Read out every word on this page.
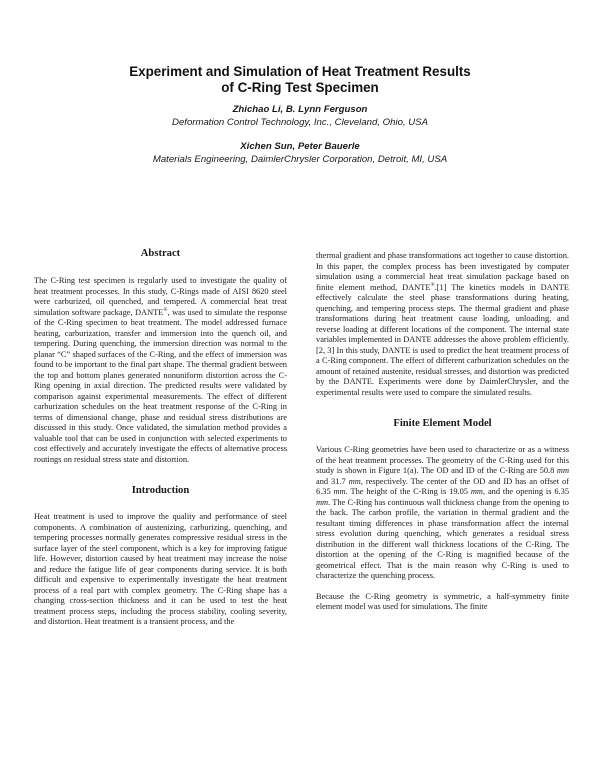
Experiment and Simulation of Heat Treatment Results
of C-Ring Test Specimen
Zhichao Li, B. Lynn Ferguson
Deformation Control Technology, Inc., Cleveland, Ohio, USA
Xichen Sun, Peter Bauerle
Materials Engineering, DaimlerChrysler Corporation, Detroit, MI, USA
Abstract

The C-Ring test specimen is regularly used to investigate the quality of heat treatment processes. In this study, C-Rings made of AISI 8620 steel were carburized, oil quenched, and tempered. A commercial heat treat simulation software package, DANTE®, was used to simulate the response of the C-Ring specimen to heat treatment. The model addressed furnace heating, carburization, transfer and immersion into the quench oil, and tempering. During quenching, the immersion direction was normal to the planar “C” shaped surfaces of the C-Ring, and the effect of immersion was found to be important to the final part shape. The thermal gradient between the top and bottom planes generated nonuniform distortion across the C-Ring opening in axial direction. The predicted results were validated by comparison against experimental measurements. The effect of different carburization schedules on the heat treatment response of the C-Ring in terms of dimensional change, phase and residual stress distributions are discussed in this study. Once validated, the simulation method provides a valuable tool that can be used in conjunction with selected experiments to cost effectively and accurately investigate the effects of alternative process routings on residual stress state and distortion.

Introduction

Heat treatment is used to improve the quality and performance of steel components. A combination of austenizing, carburizing, quenching, and tempering processes normally generates compressive residual stress in the surface layer of the steel component, which is a key for improving fatigue life. However, distortion caused by heat treatment may increase the noise and reduce the fatigue life of gear components during service. It is both difficult and expensive to experimentally investigate the heat treatment process of a real part with complex geometry. The C-Ring shape has a changing cross-section thickness and it can be used to test the heat treatment process steps, including the process stability, cooling severity, and distortion. Heat treatment is a transient process, and the

thermal gradient and phase transformations act together to cause distortion. In this paper, the complex process has been investigated by computer simulation using a commercial heat treat simulation package based on finite element method, DANTE®.[1] The kinetics models in DANTE effectively calculate the steel phase transformations during heating, quenching, and tempering process steps. The thermal gradient and phase transformations during heat treatment cause loading, unloading, and reverse loading at different locations of the component. The internal state variables implemented in DANTE addresses the above problem efficiently.[2, 3] In this study, DANTE is used to predict the heat treatment process of a C-Ring component. The effect of different carburization schedules on the amount of retained austenite, residual stresses, and distortion was predicted by the DANTE. Experiments were done by DaimlerChrysler, and the experimental results were used to compare the simulated results.

Finite Element Model

Various C-Ring geometries have been used to characterize or as a witness of the heat treatment processes. The geometry of the C-Ring used for this study is shown in Figure 1(a). The OD and ID of the C-Ring are 50.8 mm and 31.7 mm, respectively. The center of the OD and ID has an offset of 6.35 mm. The height of the C-Ring is 19.05 mm, and the opening is 6.35 mm. The C-Ring has continuous wall thickness change from the opening to the back. The carbon profile, the variation in thermal gradient and the resultant timing differences in phase transformation affect the internal stress evolution during quenching, which generates a residual stress distribution in the different wall thickness locations of the C-Ring. The distortion at the opening of the C-Ring is magnified because of the geometrical effect. That is the main reason why C-Ring is used to characterize the quenching process.

Because the C-Ring geometry is symmetric, a half-symmetry finite element model was used for simulations. The finite
